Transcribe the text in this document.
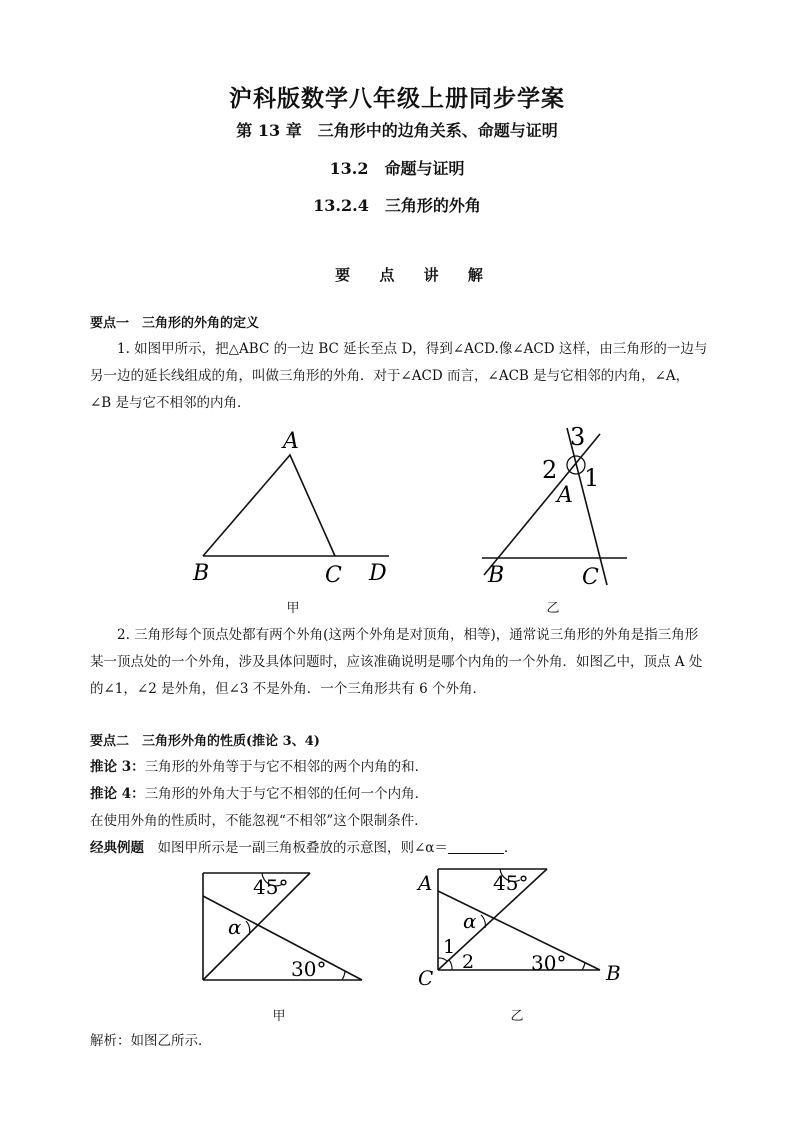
沪科版数学八年级上册同步学案
第 13 章　三角形中的边角关系、命题与证明
13.2　命题与证明
13.2.4　三角形的外角
要 点 讲 解
要点一　三角形的外角的定义
1. 如图甲所示，把△ABC 的一边 BC 延长至点 D，得到∠ACD.像∠ACD 这样，由三角形的一边与另一边的延长线组成的角，叫做三角形的外角．对于∠ACD 而言，∠ACB 是与它相邻的内角，∠A，∠B 是与它不相邻的内角．
A
B	C D
3
2 1
A
B	C
甲	乙
2. 三角形每个顶点处都有两个外角(这两个外角是对顶角，相等)，通常说三角形的外角是指三角形某一顶点处的一个外角，涉及具体问题时，应该准确说明是哪个内角的一个外角．如图乙中，顶点 A 处的∠1，∠2 是外角，但∠3 不是外角．一个三角形共有 6 个外角．
要点二　三角形外角的性质(推论 3、4)
推论 3：三角形的外角等于与它不相邻的两个内角的和．
推论 4：三角形的外角大于与它不相邻的任何一个内角．
在使用外角的性质时，不能忽视“不相邻”这个限制条件．
经典例题　 如图甲所示是一副三角板叠放的示意图，则∠α＝	．
45°
α
30°
A	45°
α
1
2	30°
C	B
甲	乙
解析：如图乙所示．
